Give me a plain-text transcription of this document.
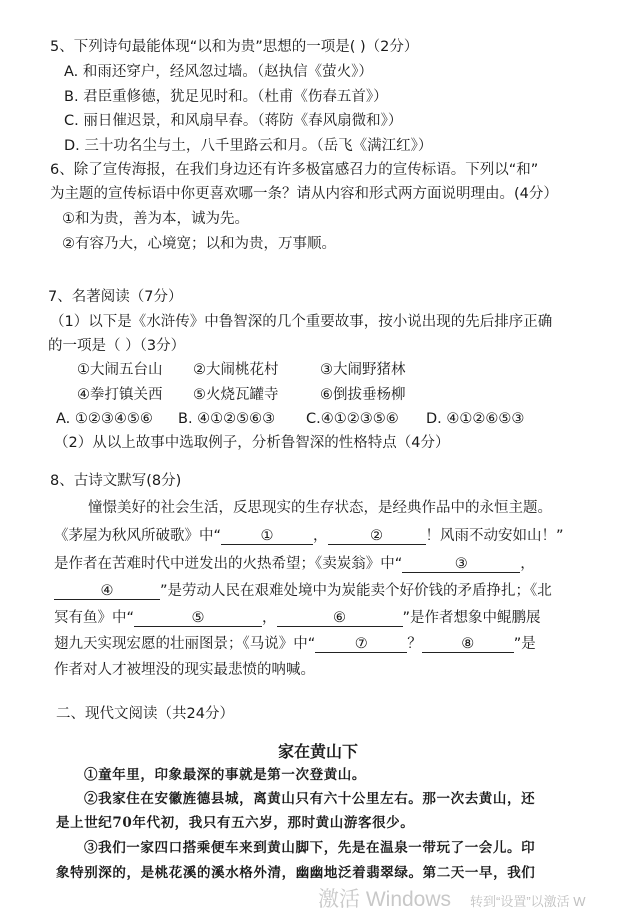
5、下列诗句最能体现“以和为贵”思想的一项是( )（2分）
A. 和雨还穿户，经风忽过墙。（赵执信《萤火》）
B. 君臣重修德，犹足见时和。（杜甫《伤春五首》）
C. 丽日催迟景，和风扇早春。（蒋防《春风扇微和》）
D. 三十功名尘与土，八千里路云和月。（岳飞《满江红》）
6、除了宣传海报，在我们身边还有许多极富感召力的宣传标语。下列以“和”
为主题的宣传标语中你更喜欢哪一条？请从内容和形式两方面说明理由。(4分）
①和为贵，善为本，诚为先。
②有容乃大，心境宽；以和为贵，万事顺。
7、名著阅读（7分）
（1）以下是《水浒传》中鲁智深的几个重要故事，按小说出现的先后排序正确
的一项是（ ）（3分）
①大闹五台山 ②大闹桃花村	③大闹野猪林
④拳打镇关西 ⑤火烧瓦罐寺	⑥倒拔垂杨柳
A. ①②③④⑤⑥ B. ④①②⑤⑥③ C.④①②③⑤⑥ D. ④①②⑥⑤③
（2）从以上故事中选取例子，分析鲁智深的性格特点（4分）
8、古诗文默写(8分)
憧憬美好的社会生活，反思现实的生存状态，是经典作品中的永恒主题。
《茅屋为秋风所破歌》中“	①	，	②	！风雨不动安如山！”
是作者在苦难时代中迸发出的火热希望；《卖炭翁》中“	③	，
④	”是劳动人民在艰难处境中为炭能卖个好价钱的矛盾挣扎；《北
冥有鱼》中“	⑤	，	⑥	”是作者想象中鲲鹏展
翅九天实现宏愿的壮丽图景；《马说》中“	⑦	？	⑧	”是
作者对人才被埋没的现实最悲愤的呐喊。
二、现代文阅读（共24分）
家在黄山下
①童年里，印象最深的事就是第一次登黄山。
②我家住在安徽旌德县城，离黄山只有六十公里左右。那一次去黄山，还
是上世纪70年代初，我只有五六岁，那时黄山游客很少。
③我们一家四口搭乘便车来到黄山脚下，先是在温泉一带玩了一会儿。印
象特别深的，是桃花溪的溪水格外清，幽幽地泛着翡翠绿。第二天一早，我们
激活 Windows 转到“设置”以激活 W
